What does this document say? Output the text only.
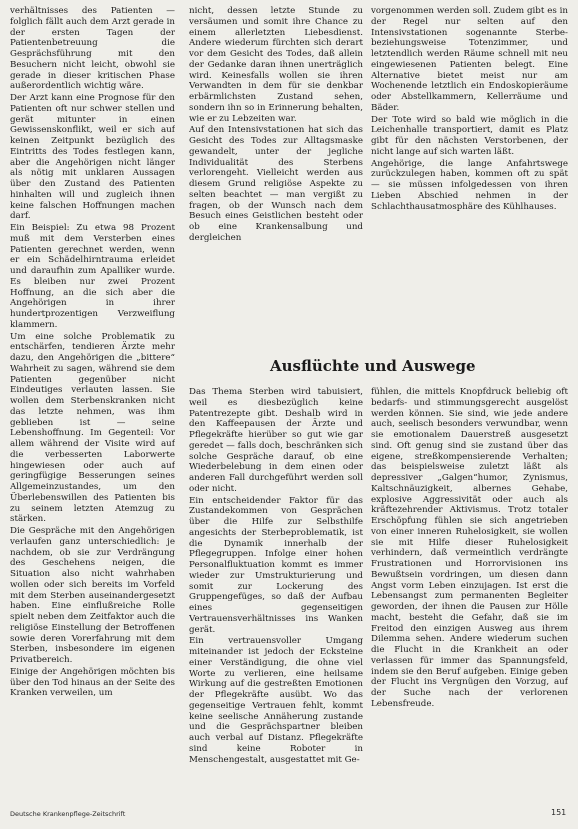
verhältnisses des Patienten — folglich fällt auch dem Arzt gerade in der ersten Tagen der Patientenbetreuung die Gesprächsführung mit den Besuchern nicht leicht, obwohl sie gerade in dieser kritischen Phase außerordentlich wichtig wäre.

Der Arzt kann eine Prognose für den Patienten oft nur schwer stellen und gerät mitunter in einen Gewissenskonflikt, weil er sich auf keinen Zeitpunkt bezüglich des Eintritts des Todes festlegen kann, aber die Angehörigen nicht länger als nötig mit unklaren Aussagen über den Zustand des Patienten hinhalten will und zugleich ihnen keine falschen Hoffnungen machen darf.

Ein Beispiel: Zu etwa 98 Prozent muß mit dem Versterben eines Patienten gerechnet werden, wenn er ein Schädelhirntrauma erleidet und daraufhin zum Apalliker wurde. Es bleiben nur zwei Prozent Hoffnung, an die sich aber die Angehörigen in ihrer hundertprozentigen Verzweiflung klammern.

Um eine solche Problematik zu entschärfen, tendieren Ärzte mehr dazu, den Angehörigen die „bittere“ Wahrheit zu sagen, während sie dem Patienten gegenüber nicht Eindeutiges verlauten lassen. Sie wollen dem Sterbenskranken nicht das letzte nehmen, was ihm geblieben ist — seine Lebenshoffnung. Im Gegenteil: Vor allem während der Visite wird auf die verbesserten Laborwerte hingewiesen oder auch auf geringfügige Besserungen seines Allgemeinzustandes, um den Überlebenswillen des Patienten bis zu seinem letzten Atemzug zu stärken.

Die Gespräche mit den Angehörigen verlaufen ganz unterschiedlich: je nachdem, ob sie zur Verdrängung des Geschehens neigen, die Situation also nicht wahrhaben wollen oder sich bereits im Vorfeld mit dem Sterben auseinandergesetzt haben. Eine einflußreiche Rolle spielt neben dem Zeitfaktor auch die religiöse Einstellung der Betroffenen sowie deren Vorerfahrung mit dem Sterben, insbesondere im eigenen Privatbereich.

Einige der Angehörigen möchten bis über den Tod hinaus an der Seite des Kranken verweilen, um

nicht, dessen letzte Stunde zu versäumen und somit ihre Chance zu einem allerletzten Liebesdienst. Andere wiederum fürchten sich derart vor dem Gesicht des Todes, daß allein der Gedanke daran ihnen unerträglich wird. Keinesfalls wollen sie ihren Verwandten in dem für sie denkbar erbärmlichsten Zustand sehen, sondern ihn so in Erinnerung behalten, wie er zu Lebzeiten war.

Auf den Intensivstationen hat sich das Gesicht des Todes zur Alltagsmaske gewandelt, unter der jegliche Individualität des Sterbens verlorengeht. Vielleicht werden aus diesem Grund religiöse Aspekte zu selten beachtet — man vergißt zu fragen, ob der Wunsch nach dem Besuch eines Geistlichen besteht oder ob eine Krankensalbung und dergleichen

vorgenommen werden soll. Zudem gibt es in der Regel nur selten auf den Intensivstationen sogenannte Sterbe- beziehungsweise Totenzimmer, und letztendlich werden Räume schnell mit neu eingewiesenen Patienten belegt. Eine Alternative bietet meist nur am Wochenende letztlich ein Endoskopieräume oder Abstellkammern, Kellerräume und Bäder.

Der Tote wird so bald wie möglich in die Leichenhalle transportiert, damit es Platz gibt für den nächsten Verstorbenen, der nicht lange auf sich warten läßt.

Angehörige, die lange Anfahrtswege zurückzulegen haben, kommen oft zu spät — sie müssen infolgedessen von ihren Lieben Abschied nehmen in der Schlachthausatmosphäre des Kühlhauses.

Ausflüchte und Auswege

Das Thema Sterben wird tabuisiert, weil es diesbezüglich keine Patentrezepte gibt. Deshalb wird in den Kaffeepausen der Ärzte und Pflegekräfte hierüber so gut wie gar geredet — falls doch, beschränken sich solche Gespräche darauf, ob eine Wiederbelebung in dem einen oder anderen Fall durchgeführt werden soll oder nicht.

Ein entscheidender Faktor für das Zustandekommen von Gesprächen über die Hilfe zur Selbsthilfe angesichts der Sterbeproblematik, ist die Dynamik innerhalb der Pflegegruppen. Infolge einer hohen Personalfluktuation kommt es immer wieder zur Umstrukturierung und somit zur Lockerung des Gruppengefüges, so daß der Aufbau eines gegenseitigen Vertrauensverhältnisses ins Wanken gerät.

Ein vertrauensvoller Umgang miteinander ist jedoch der Ecksteine einer Verständigung, die ohne viel Worte zu verlieren, eine heilsame Wirkung auf die gestreßten Emotionen der Pflegekräfte ausübt. Wo das gegenseitige Vertrauen fehlt, kommt keine seelische Annäherung zustande und die Gesprächspartner bleiben auch verbal auf Distanz. Pflegekräfte sind keine Roboter in Menschengestalt, ausgestattet mit Ge-

fühlen, die mittels Knopfdruck beliebig oft bedarfs- und stimmungsgerecht ausgelöst werden können. Sie sind, wie jede andere auch, seelisch besonders verwundbar, wenn sie emotionalem Dauerstreß ausgesetzt sind. Oft genug sind sie zustand über das eigene, streßkompensierende Verhalten; das beispielsweise zuletzt läßt als depressiver „Galgen“humor, Zynismus, Kaltschnäuzigkeit, albernes Gehabe, explosive Aggressivität oder auch als kräftezehrender Aktivismus. Trotz totaler Erschöpfung fühlen sie sich angetrieben von einer inneren Ruhelosigkeit, sie wollen sie mit Hilfe dieser Ruhelosigkeit verhindern, daß vermeintlich verdrängte Frustrationen und Horrorvisionen ins Bewußtsein vordringen, um diesen dann Angst vorm Leben einzujagen. Ist erst die Lebensangst zum permanenten Begleiter geworden, der ihnen die Pausen zur Hölle macht, besteht die Gefahr, daß sie im Freitod den einzigen Ausweg aus ihrem Dilemma sehen. Andere wiederum suchen die Flucht in die Krankheit an oder verlassen für immer das Spannungsfeld, indem sie den Beruf aufgeben. Einige geben der Flucht ins Vergnügen den Vorzug, auf der Suche nach der verlorenen Lebensfreude.

Deutsche Krankenpflege-Zeitschrift	151
